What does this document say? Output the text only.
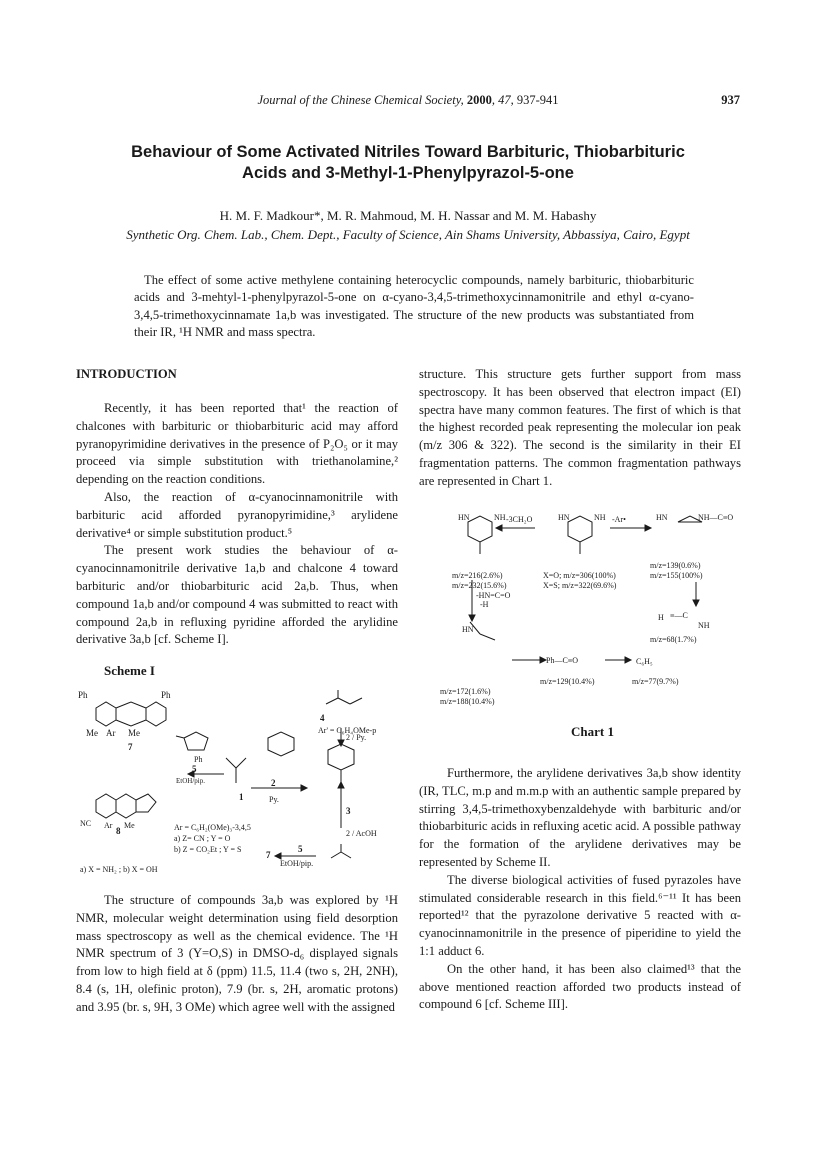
Journal of the Chinese Chemical Society, 2000, 47, 937-941	937
Behaviour of Some Activated Nitriles Toward Barbituric, Thiobarbituric
Acids and 3-Methyl-1-Phenylpyrazol-5-one
H. M. F. Madkour*, M. R. Mahmoud, M. H. Nassar and M. M. Habashy
Synthetic Org. Chem. Lab., Chem. Dept., Faculty of Science, Ain Shams University, Abbassiya, Cairo, Egypt
The effect of some active methylene containing heterocyclic compounds, namely barbituric, thiobarbituric acids and 3-mehtyl-1-phenylpyrazol-5-one on α-cyano-3,4,5-trimethoxycinnamonitrile and ethyl α-cyano-3,4,5-trimethoxycinnamate 1a,b was investigated. The structure of the new products was substantiated from their IR, ¹H NMR and mass spectra.
INTRODUCTION

Recently, it has been reported that¹ the reaction of chalcones with barbituric or thiobarbituric acid may afford pyranopyrimidine derivatives in the presence of P₂O₅ or it may proceed via simple substitution with triethanolamine,² depending on the reaction conditions.

Also, the reaction of α-cyanocinnamonitrile with barbituric acid afforded pyranopyrimidine,³ arylidene derivative⁴ or simple substitution product.⁵

The present work studies the behaviour of α-cyanocinnamonitrile derivative 1a,b and chalcone 4 toward barbituric and/or thiobarbituric acid 2a,b. Thus, when compound 1a,b and/or compound 4 was submitted to react with compound 2a,b in refluxing pyridine afforded the arylidine derivative 3a,b [cf. Scheme I].

Scheme I
Ph	Ph
Me Ar Me
7
Ph
5
EtOH/pip.
1
2
Py.
4
Ar' = C₆H₄OMe-p
2 / Py.
3
2 / AcOH
5
EtOH/pip.
7
Ar = C₆H₂(OMe)₃-3,4,5
a) Z= CN ; Y = O
b) Z = CO₂Et ; Y = S
8
a) X = NH₂ ; b) X = OH
NC Ar Me

The structure of compounds 3a,b was explored by ¹H NMR, molecular weight determination using field desorption mass spectroscopy as well as the chemical evidence. The ¹H NMR spectrum of 3 (Y=O,S) in DMSO-d₆ displayed signals from low to high field at δ (ppm) 11.5, 11.4 (two s, 2H, 2NH), 8.4 (s, 1H, olefinic proton), 7.9 (br. s, 2H, aromatic protons) and 3.95 (br. s, 9H, 3 OMe) which agree well with the assigned

structure. This structure gets further support from mass spectroscopy. It has been observed that electron impact (EI) spectra have many common features. The first of which is that the highest recorded peak representing the molecular ion peak (m/z 306 & 322). The second is the similarity in their EI fragmentation patterns. The common fragmentation pathways are represented in Chart 1.

-3CH₂O	-Ar•
m/z=216(2.6%)
m/z=232(15.6%)
X=O; m/z=306(100%)
X=S; m/z=322(69.6%)
m/z=139(0.6%)
m/z=155(100%)
-HN=C=O
-H
m/z=68(1.7%)
m/z=172(1.6%)
m/z=188(10.4%)
m/z=129(10.4%)
C₆H₅
m/z=77(9.7%)
Ph—C≡O
HN	NH	HN	NH	HN	NH—C≡O
H ≡—C
NH
HN
Chart 1

Furthermore, the arylidene derivatives 3a,b show identity (IR, TLC, m.p and m.m.p with an authentic sample prepared by stirring 3,4,5-trimethoxybenzaldehyde with barbituric and/or thiobarbituric acids in refluxing acetic acid. A possible pathway for the formation of the arylidene derivatives may be represented by Scheme II.

The diverse biological activities of fused pyrazoles have stimulated considerable research in this field.⁶⁻¹¹ It has been reported¹² that the pyrazolone derivative 5 reacted with α-cyanocinnamonitrile in the presence of piperidine to yield the 1:1 adduct 6.

On the other hand, it has been also claimed¹³ that the above mentioned reaction afforded two products instead of compound 6 [cf. Scheme III].
